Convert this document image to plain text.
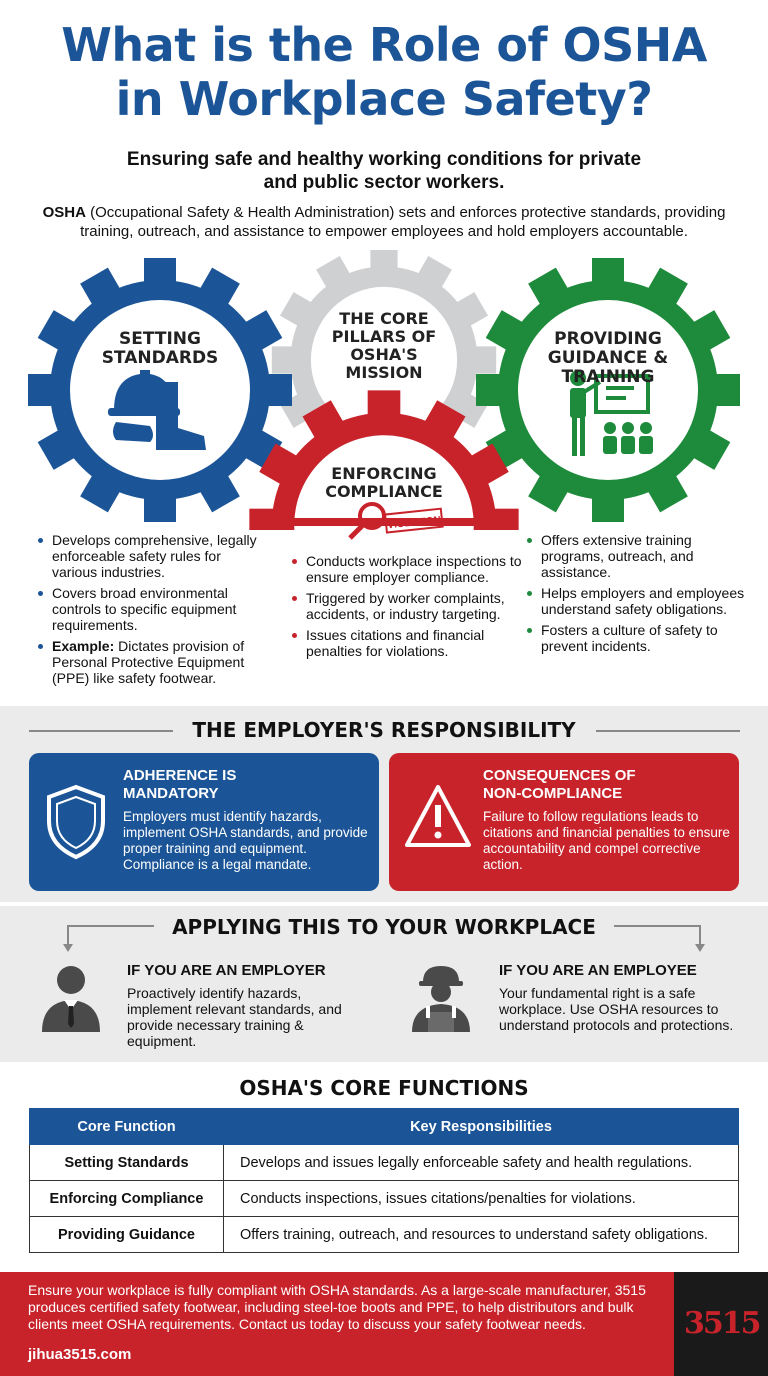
What is the Role of OSHA
in Workplace Safety?
Ensuring safe and healthy working conditions for private
and public sector workers.
OSHA (Occupational Safety & Health Administration) sets and enforces protective standards, providing
training, outreach, and assistance to empower employees and hold employers accountable.
VIOLATION
SETTING
STANDARDS
THE CORE
PILLARS OF
OSHA'S
MISSION
PROVIDING
GUIDANCE &
TRAINING
ENFORCING
COMPLIANCE
Develops comprehensive, legally enforceable safety rules for various industries.
Covers broad environmental controls to specific equipment requirements.
Example: Dictates provision of Personal Protective Equipment (PPE) like safety footwear.
Conducts workplace inspections to ensure employer compliance.
Triggered by worker complaints, accidents, or industry targeting.
Issues citations and financial penalties for violations.
Offers extensive training programs, outreach, and assistance.
Helps employers and employees understand safety obligations.
Fosters a culture of safety to prevent incidents.
THE EMPLOYER'S RESPONSIBILITY
ADHERENCE IS
MANDATORY
Employers must identify hazards, implement OSHA standards, and provide proper training and equipment. Compliance is a legal mandate.
CONSEQUENCES OF
NON-COMPLIANCE
Failure to follow regulations leads to citations and financial penalties to ensure accountability and compel corrective action.
APPLYING THIS TO YOUR WORKPLACE
IF YOU ARE AN EMPLOYER
Proactively identify hazards, implement relevant standards, and provide necessary training & equipment.
IF YOU ARE AN EMPLOYEE
Your fundamental right is a safe workplace. Use OSHA resources to understand protocols and protections.
OSHA'S CORE FUNCTIONS
Core Function	Key Responsibilities
Setting Standards	Develops and issues legally enforceable safety and health regulations.
Enforcing Compliance	Conducts inspections, issues citations/penalties for violations.
Providing Guidance	Offers training, outreach, and resources to understand safety obligations.
Ensure your workplace is fully compliant with OSHA standards. As a large-scale manufacturer, 3515 produces certified safety footwear, including steel-toe boots and PPE, to help distributors and bulk clients meet OSHA requirements. Contact us today to discuss your safety footwear needs.
jihua3515.com
3515
